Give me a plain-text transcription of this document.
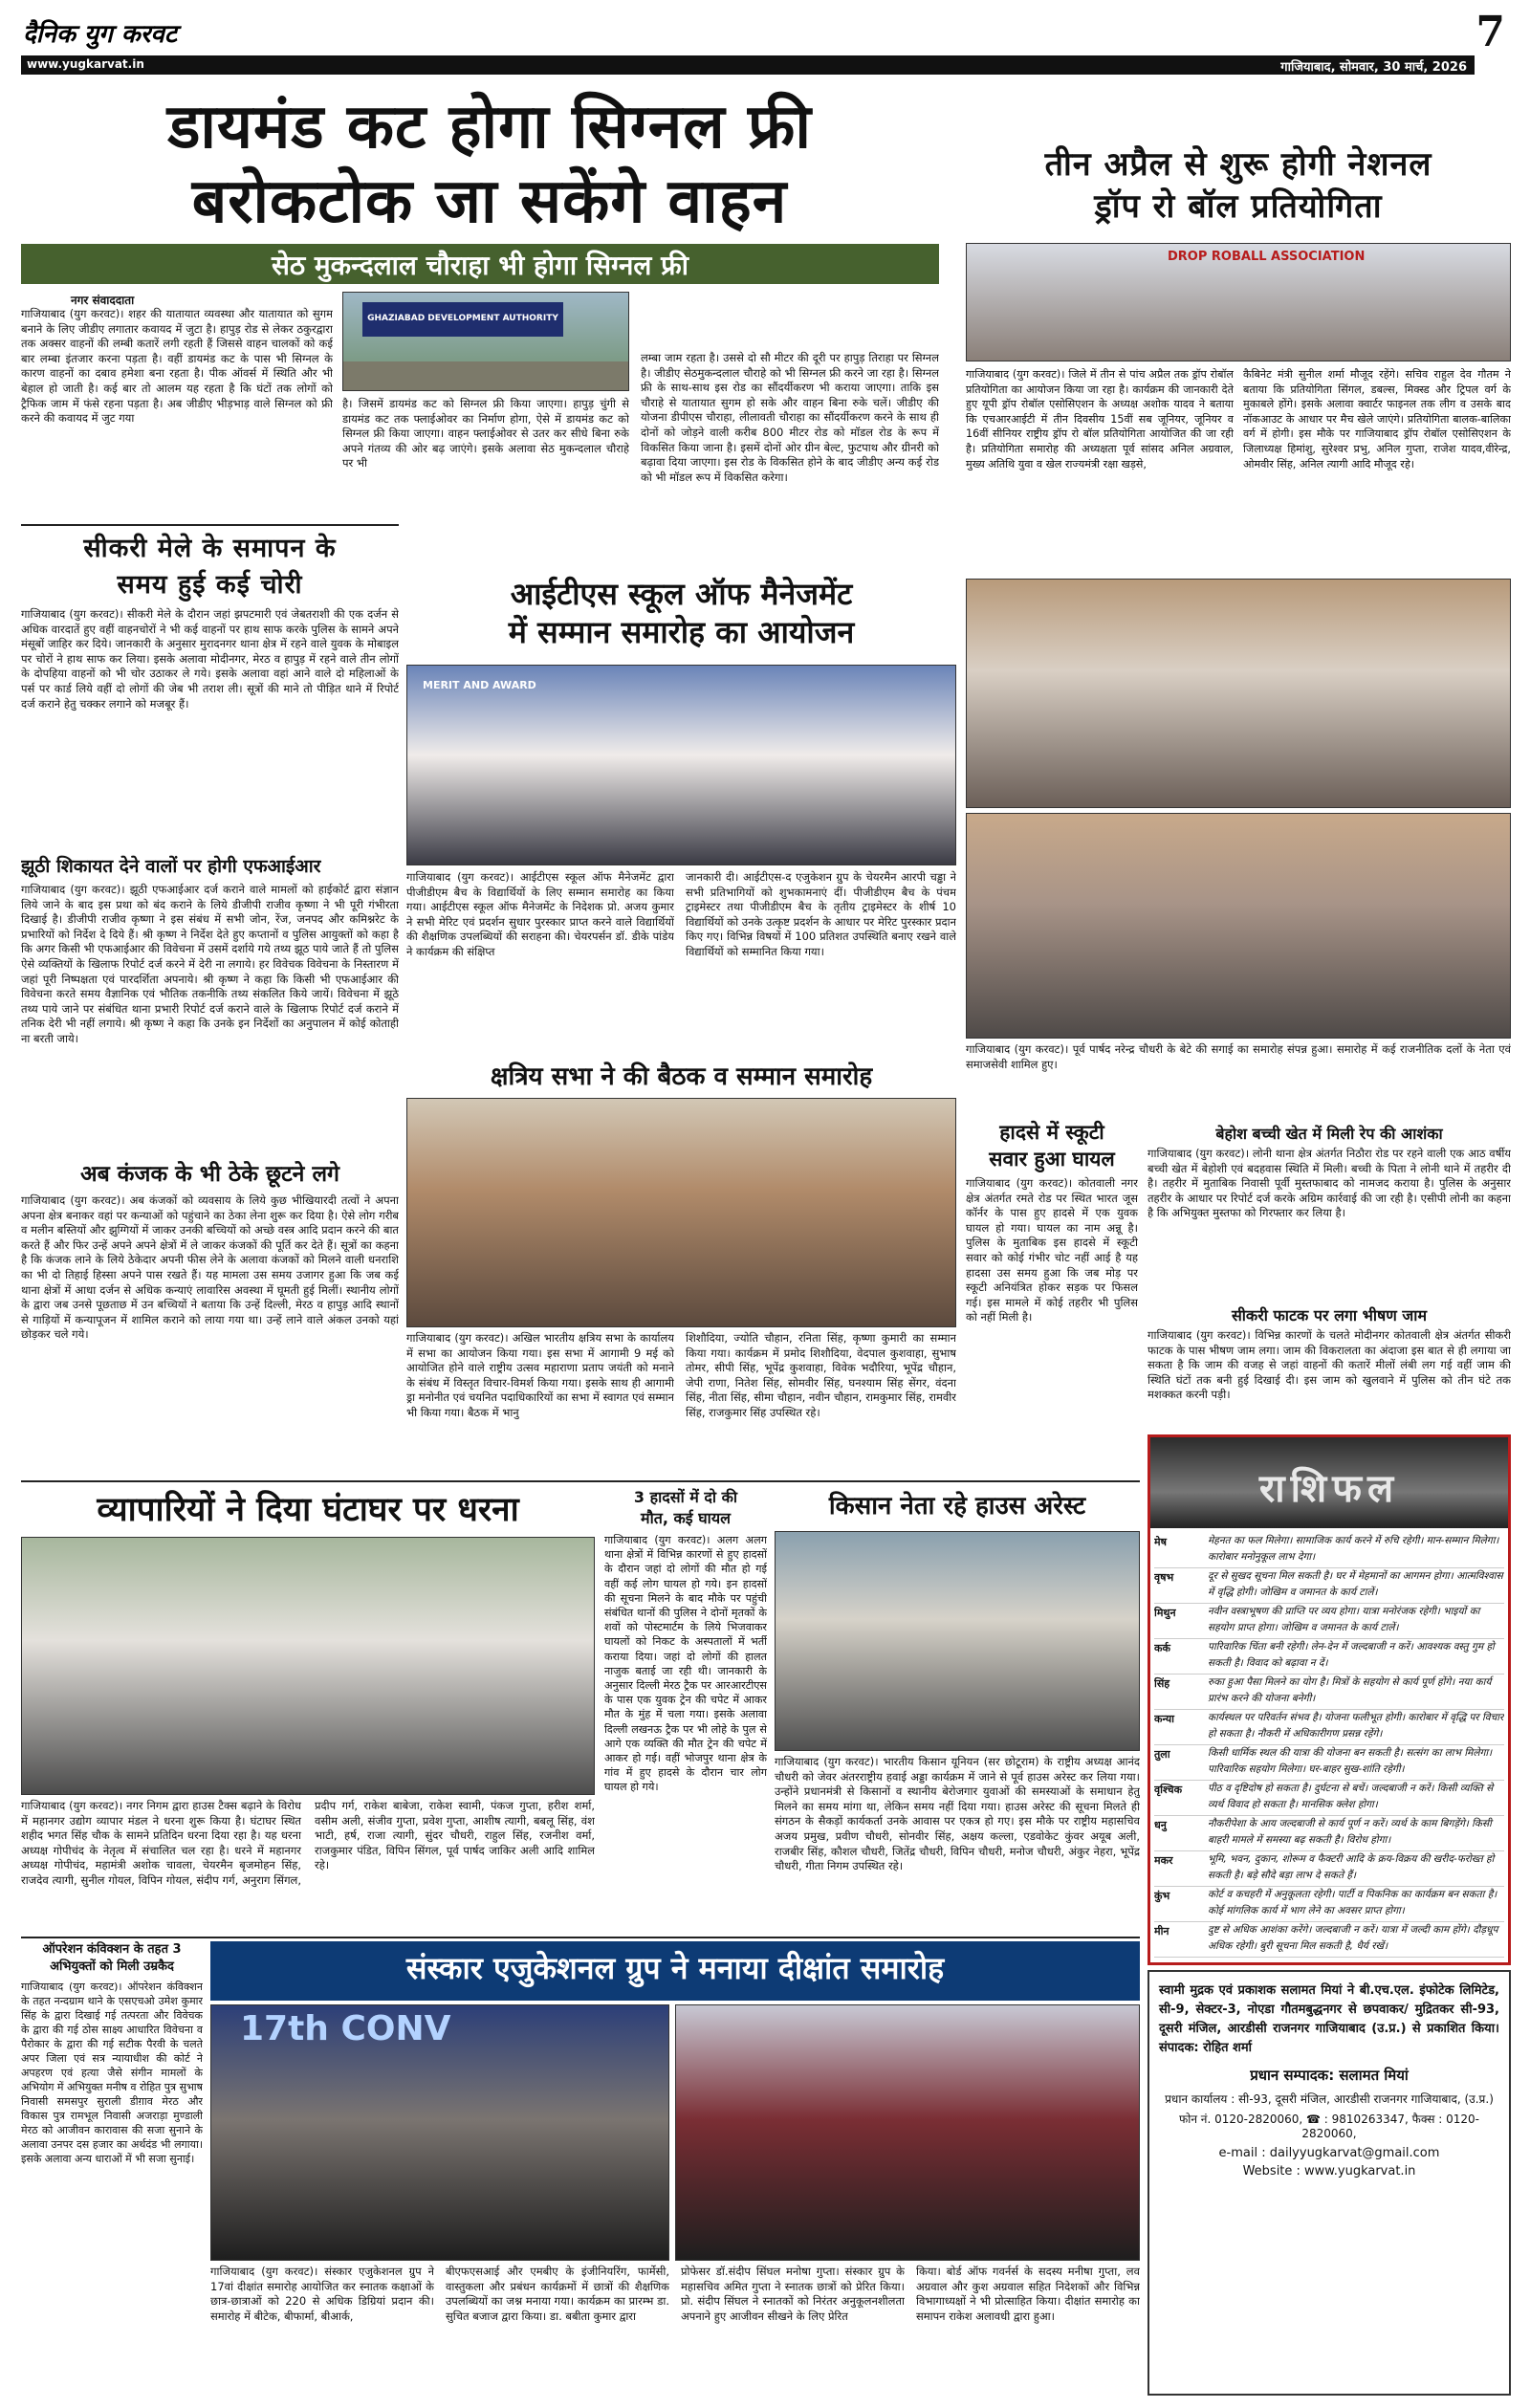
दैनिक युग करवट	7
www.yugkarvat.in	गाजियाबाद, सोमवार, 30 मार्च, 2026
डायमंड कट होगा सिग्नल फ्री
बरोकटोक जा सकेंगे वाहन
सेठ मुकन्दलाल चौराहा भी होगा सिग्नल फ्री
नगर संवाददाता
गाजियाबाद (युग करवट)। शहर की यातायात व्यवस्था और यातायात को सुगम बनाने के लिए जीडीए लगातार कवायद में जुटा है। हापुड़ रोड से लेकर ठकुरद्वारा तक अक्सर वाहनों की लम्बी कतारें लगी रहती हैं जिससे वाहन चालकों को कई बार लम्बा इंतजार करना पड़ता है। वहीं डायमंड कट के पास भी सिग्नल के कारण वाहनों का दबाव हमेशा बना रहता है। पीक ऑवर्स में स्थिति और भी बेहाल हो जाती है। कई बार तो आलम यह रहता है कि घंटों तक लोगों को ट्रैफिक जाम में फंसे रहना पड़ता है। अब जीडीए भीड़भाड़ वाले सिग्नल को फ्री करने की कवायद में जुट गया
GHAZIABAD DEVELOPMENT AUTHORITY
है। जिसमें डायमंड कट को सिग्नल फ्री किया जाएगा। हापुड़ चुंगी से डायमंड कट तक फ्लाईओवर का निर्माण होगा, ऐसे में डायमंड कट को सिग्नल फ्री किया जाएगा। वाहन फ्लाईओवर से उतर कर सीधे बिना रुके अपने गंतव्य की ओर बढ़ जाएंगे। इसके अलावा सेठ मुकन्दलाल चौराहे पर भी
लम्बा जाम रहता है। उससे दो सौ मीटर की दूरी पर हापुड़ तिराहा पर सिग्नल है। जीडीए सेठमुकन्दलाल चौराहे को भी सिग्नल फ्री करने जा रहा है। सिग्नल फ्री के साथ-साथ इस रोड का सौंदर्यीकरण भी कराया जाएगा। ताकि इस चौराहे से यातायात सुगम हो सके और वाहन बिना रुके चलें। जीडीए की योजना डीपीएस चौराहा, लीलावती चौराहा का सौंदर्यीकरण करने के साथ ही दोनों को जोड़ने वाली करीब 800 मीटर रोड को मॉडल रोड के रूप में विकसित किया जाना है। इसमें दोनों ओर ग्रीन बेल्ट, फुटपाथ और ग्रीनरी को बढ़ावा दिया जाएगा। इस रोड के विकसित होने के बाद जीडीए अन्य कई रोड को भी मॉडल रूप में विकसित करेगा।
तीन अप्रैल से शुरू होगी नेशनल
ड्रॉप रो बॉल प्रतियोगिता
DROP ROBALL ASSOCIATION
गाजियाबाद (युग करवट)। जिले में तीन से पांच अप्रैल तक ड्रॉप रोबॉल प्रतियोगिता का आयोजन किया जा रहा है। कार्यक्रम की जानकारी देते हुए यूपी ड्रॉप रोबॉल एसोसिएशन के अध्यक्ष अशोक यादव ने बताया कि एचआरआईटी में तीन दिवसीय 15वीं सब जूनियर, जूनियर व 16वीं सीनियर राष्ट्रीय ड्रॉप रो बॉल प्रतियोगिता आयोजित की जा रही है। प्रतियोगिता समारोह की अध्यक्षता पूर्व सांसद अनिल अग्रवाल, मुख्य अतिथि युवा व खेल राज्यमंत्री रक्षा खड़से,
कैबिनेट मंत्री सुनील शर्मा मौजूद रहेंगे। सचिव राहुल देव गौतम ने बताया कि प्रतियोगिता सिंगल, डबल्स, मिक्स्ड और ट्रिपल वर्ग के मुकाबले होंगे। इसके अलावा क्वार्टर फाइनल तक लीग व उसके बाद नॉकआउट के आधार पर मैच खेले जाएंगे। प्रतियोगिता बालक-बालिका वर्ग में होगी। इस मौके पर गाजियाबाद ड्रॉप रोबॉल एसोसिएशन के जिलाध्यक्ष हिमांशु, सुरेश्वर प्रभु, अनिल गुप्ता, राजेश यादव,वीरेन्द्र, ओमवीर सिंह, अनिल त्यागी आदि मौजूद रहे।
गाजियाबाद (युग करवट)। पूर्व पार्षद नरेन्द्र चौधरी के बेटे की सगाई का समारोह संपन्न हुआ। समारोह में कई राजनीतिक दलों के नेता एवं समाजसेवी शामिल हुए।
सीकरी मेले के समापन के
समय हुई कई चोरी
गाजियाबाद (युग करवट)। सीकरी मेले के दौरान जहां झपटमारी एवं जेबतराशी की एक दर्जन से अधिक वारदातें हुए वहीं वाहनचोरों ने भी कई वाहनों पर हाथ साफ करके पुलिस के सामने अपने मंसूबों जाहिर कर दिये। जानकारी के अनुसार मुरादनगर थाना क्षेत्र में रहने वाले युवक के मोबाइल पर चोरों ने हाथ साफ कर लिया। इसके अलावा मोदीनगर, मेरठ व हापुड़ में रहने वाले तीन लोगों के दोपहिया वाहनों को भी चोर उठाकर ले गये। इसके अलावा वहां आने वाले दो महिलाओं के पर्स पर कार्ड लिये वहीं दो लोगों की जेब भी तराश ली। सूत्रों की माने तो पीड़ित थाने में रिपोर्ट दर्ज कराने हेतु चक्कर लगाने को मजबूर हैं।
झूठी शिकायत देने वालों पर होगी एफआईआर
गाजियाबाद (युग करवट)। झूठी एफआईआर दर्ज कराने वाले मामलों को हाईकोर्ट द्वारा संज्ञान लिये जाने के बाद इस प्रथा को बंद कराने के लिये डीजीपी राजीव कृष्णा ने भी पूरी गंभीरता दिखाई है। डीजीपी राजीव कृष्णा ने इस संबंध में सभी जोन, रेंज, जनपद और कमिश्नरेट के प्रभारियों को निर्देश दे दिये हैं। श्री कृष्ण ने निर्देश देते हुए कप्तानों व पुलिस आयुक्तों को कहा है कि अगर किसी भी एफआईआर की विवेचना में उसमें दर्शाये गये तथ्य झूठ पाये जाते हैं तो पुलिस ऐसे व्यक्तियों के खिलाफ रिपोर्ट दर्ज करने में देरी ना लगाये। हर विवेचक विवेचना के निस्तारण में जहां पूरी निष्पक्षता एवं पारदर्शिता अपनाये। श्री कृष्ण ने कहा कि किसी भी एफआईआर की विवेचना करते समय वैज्ञानिक एवं भौतिक तकनीकि तथ्य संकलित किये जायें। विवेचना में झूठे तथ्य पाये जाने पर संबंधित थाना प्रभारी रिपोर्ट दर्ज कराने वाले के खिलाफ रिपोर्ट दर्ज कराने में तनिक देरी भी नहीं लगाये। श्री कृष्ण ने कहा कि उनके इन निर्देशों का अनुपालन में कोई कोताही ना बरती जाये।
अब कंजक के भी ठेके छूटने लगे
गाजियाबाद (युग करवट)। अब कंजकों को व्यवसाय के लिये कुछ भीखियारदी तत्वों ने अपना अपना क्षेत्र बनाकर वहां पर कन्याओं को पहुंचाने का ठेका लेना शुरू कर दिया है। ऐसे लोग गरीब व मलीन बस्तियों और झुग्गियों में जाकर उनकी बच्चियों को अच्छे वस्त्र आदि प्रदान करने की बात करते हैं और फिर उन्हें अपने अपने क्षेत्रों में ले जाकर कंजकों की पूर्ति कर देते हैं। सूत्रों का कहना है कि कंजक लाने के लिये ठेकेदार अपनी फीस लेने के अलावा कंजकों को मिलने वाली धनराशि का भी दो तिहाई हिस्सा अपने पास रखते हैं। यह मामला उस समय उजागर हुआ कि जब कई थाना क्षेत्रों में आधा दर्जन से अधिक कन्याएं लावारिस अवस्था में घूमती हुई मिलीं। स्थानीय लोगों के द्वारा जब उनसे पूछताछ में उन बच्चियों ने बताया कि उन्हें दिल्ली, मेरठ व हापुड़ आदि स्थानों से गाड़ियों में कन्यापूजन में शामिल कराने को लाया गया था। उन्हें लाने वाले अंकल उनको यहां छोड़कर चले गये।
आईटीएस स्कूल ऑफ मैनेजमेंट
में सम्मान समारोह का आयोजन
MERIT AND AWARD
गाजियाबाद (युग करवट)। आईटीएस स्कूल ऑफ मैनेजमेंट द्वारा पीजीडीएम बैच के विद्यार्थियों के लिए सम्मान समारोह का किया गया। आईटीएस स्कूल ऑफ मैनेजमेंट के निदेशक प्रो. अजय कुमार ने सभी मेरिट एवं प्रदर्शन सुधार पुरस्कार प्राप्त करने वाले विद्यार्थियों की शैक्षणिक उपलब्धियों की सराहना की। चेयरपर्सन डॉ. डीके पांडेय ने कार्यक्रम की संक्षिप्त
जानकारी दी। आईटीएस-द एजुकेशन ग्रुप के चेयरमैन आरपी चड्ढा ने सभी प्रतिभागियों को शुभकामनाएं दीं। पीजीडीएम बैच के पंचम ट्राइमेस्टर तथा पीजीडीएम बैच के तृतीय ट्राइमेस्टर के शीर्ष 10 विद्यार्थियों को उनके उत्कृष्ट प्रदर्शन के आधार पर मेरिट पुरस्कार प्रदान किए गए। विभिन्न विषयों में 100 प्रतिशत उपस्थिति बनाए रखने वाले विद्यार्थियों को सम्मानित किया गया।
क्षत्रिय सभा ने की बैठक व सम्मान समारोह
गाजियाबाद (युग करवट)। अखिल भारतीय क्षत्रिय सभा के कार्यालय में सभा का आयोजन किया गया। इस सभा में आगामी 9 मई को आयोजित होने वाले राष्ट्रीय उत्सव महाराणा प्रताप जयंती को मनाने के संबंध में विस्तृत विचार-विमर्श किया गया। इसके साथ ही आगामी ड्रा मनोनीत एवं चयनित पदाधिकारियों का सभा में स्वागत एवं सम्मान भी किया गया। बैठक में भानु
शिशौदिया, ज्योति चौहान, रनिता सिंह, कृष्णा कुमारी का सम्मान किया गया। कार्यक्रम में प्रमोद शिशौदिया, वेदपाल कुशवाहा, सुभाष तोमर, सीपी सिंह, भूपेंद्र कुशवाहा, विवेक भदौरिया, भूपेंद्र चौहान, जेपी राणा, नितेश सिंह, सोमवीर सिंह, घनश्याम सिंह सेंगर, वंदना सिंह, नीता सिंह, सीमा चौहान, नवीन चौहान, रामकुमार सिंह, रामवीर सिंह, राजकुमार सिंह उपस्थित रहे।
हादसे में स्कूटी
सवार हुआ घायल
गाजियाबाद (युग करवट)। कोतवाली नगर क्षेत्र अंतर्गत रमते रोड पर स्थित भारत जूस कॉर्नर के पास हुए हादसे में एक युवक घायल हो गया। घायल का नाम अन्नू है। पुलिस के मुताबिक इस हादसे में स्कूटी सवार को कोई गंभीर चोट नहीं आई है यह हादसा उस समय हुआ कि जब मोड़ पर स्कूटी अनियंत्रित होकर सड़क पर फिसल गई। इस मामले में कोई तहरीर भी पुलिस को नहीं मिली है।
बेहोश बच्ची खेत में मिली रेप की आशंका
गाजियाबाद (युग करवट)। लोनी थाना क्षेत्र अंतर्गत निठौरा रोड पर रहने वाली एक आठ वर्षीय बच्ची खेत में बेहोशी एवं बदहवास स्थिति में मिली। बच्ची के पिता ने लोनी थाने में तहरीर दी है। तहरीर में मुताबिक निवासी पूर्वी मुस्तफाबाद को नामजद कराया है। पुलिस के अनुसार तहरीर के आधार पर रिपोर्ट दर्ज करके अग्रिम कार्रवाई की जा रही है। एसीपी लोनी का कहना है कि अभियुक्त मुस्तफा को गिरफ्तार कर लिया है।
सीकरी फाटक पर लगा भीषण जाम
गाजियाबाद (युग करवट)। विभिन्न कारणों के चलते मोदीनगर कोतवाली क्षेत्र अंतर्गत सीकरी फाटक के पास भीषण जाम लगा। जाम की विकरालता का अंदाजा इस बात से ही लगाया जा सकता है कि जाम की वजह से जहां वाहनों की कतारें मीलों लंबी लग गई वहीं जाम की स्थिति घंटों तक बनी हुई दिखाई दी। इस जाम को खुलवाने में पुलिस को तीन घंटे तक मशक्कत करनी पड़ी।
राशिफल
मेष	मेहनत का फल मिलेगा। सामाजिक कार्य करने में रुचि रहेगी। मान-सम्मान मिलेगा। कारोबार मनोनुकूल लाभ देगा।
वृषभ	दूर से सुखद सूचना मिल सकती है। घर में मेहमानों का आगमन होगा। आत्मविश्वास में वृद्धि होगी। जोखिम व जमानत के कार्य टालें।
मिथुन	नवीन वस्त्राभूषण की प्राप्ति पर व्यय होगा। यात्रा मनोरंजक रहेगी। भाइयों का सहयोग प्राप्त होगा। जोखिम व जमानत के कार्य टालें।
कर्क	पारिवारिक चिंता बनी रहेगी। लेन-देन में जल्दबाजी न करें। आवश्यक वस्तु गुम हो सकती है। विवाद को बढ़ावा न दें।
सिंह	रुका हुआ पैसा मिलने का योग है। मित्रों के सहयोग से कार्य पूर्ण होंगे। नया कार्य प्रारंभ करने की योजना बनेगी।
कन्या	कार्यस्थल पर परिवर्तन संभव है। योजना फलीभूत होगी। कारोबार में वृद्धि पर विचार हो सकता है। नौकरी में अधिकारीगण प्रसन्न रहेंगे।
तुला	किसी धार्मिक स्थल की यात्रा की योजना बन सकती है। सत्संग का लाभ मिलेगा। पारिवारिक सहयोग मिलेगा। घर-बाहर सुख-शांति रहेगी।
वृश्चिक	पीठ व दृष्टिदोष हो सकता है। दुर्घटना से बचें। जल्दबाजी न करें। किसी व्यक्ति से व्यर्थ विवाद हो सकता है। मानसिक क्लेश होगा।
धनु	नौकरीपेशा के आय जल्दबाजी से कार्य पूर्ण न करें। व्यर्थ के काम बिगड़ेंगे। किसी बाहरी मामले में समस्या बढ़ सकती है। विरोध होगा।
मकर	भूमि, भवन, दुकान, शोरूम व फैक्टरी आदि के क्रय-विक्रय की खरीद-फरोख्त हो सकती है। बड़े सौदे बड़ा लाभ दे सकते हैं।
कुंभ	कोर्ट व कचहरी में अनुकूलता रहेगी। पार्टी व पिकनिक का कार्यक्रम बन सकता है। कोई मांगलिक कार्य में भाग लेने का अवसर प्राप्त होगा।
मीन	दुष्ट से अधिक आशंका करेंगे। जल्दबाजी न करें। यात्रा में जल्दी काम होंगे। दौड़धूप अधिक रहेगी। बुरी सूचना मिल सकती है, धैर्य रखें।
व्यापारियों ने दिया घंटाघर पर धरना
गाजियाबाद (युग करवट)। नगर निगम द्वारा हाउस टैक्स बढ़ाने के विरोध में महानगर उद्योग व्यापार मंडल ने धरना शुरू किया है। घंटाघर स्थित शहीद भगत सिंह चौक के सामने प्रतिदिन धरना दिया रहा है। यह धरना अध्यक्ष गोपीचंद के नेतृत्व में संचालित चल रहा है। धरने में महानगर अध्यक्ष गोपीचंद, महामंत्री अशोक चावला, चेयरमैन बृजमोहन सिंह, राजदेव त्यागी, सुनील गोयल, विपिन गोयल, संदीप गर्ग, अनुराग सिंगल, प्रदीप गर्ग, राकेश बाबेजा, राकेश स्वामी, पंकज गुप्ता, हरीश शर्मा, वसीम अली, संजीव गुप्ता, प्रवेश गुप्ता, आशीष त्यागी, बबलू सिंह, वंश भाटी, हर्ष, राजा त्यागी, सुंदर चौधरी, राहुल सिंह, रजनीश वर्मा, राजकुमार पंडित, विपिन सिंगल, पूर्व पार्षद जाकिर अली आदि शामिल रहे।
3 हादसों में दो की
मौत, कई घायल
गाजियाबाद (युग करवट)। अलग अलग थाना क्षेत्रों में विभिन्न कारणों से हुए हादसों के दौरान जहां दो लोगों की मौत हो गई वहीं कई लोग घायल हो गये। इन हादसों की सूचना मिलने के बाद मौके पर पहुंची संबंधित थानों की पुलिस ने दोनों मृतकों के शवों को पोस्टमार्टम के लिये भिजवाकर घायलों को निकट के अस्पतालों में भर्ती कराया दिया। जहां दो लोगों की हालत नाजुक बताई जा रही थी। जानकारी के अनुसार दिल्ली मेरठ ट्रैक पर आरआरटीएस के पास एक युवक ट्रेन की चपेट में आकर मौत के मुंह में चला गया। इसके अलावा दिल्ली लखनऊ ट्रैक पर भी लोहे के पुल से आगे एक व्यक्ति की मौत ट्रेन की चपेट में आकर हो गई। वहीं भोजपुर थाना क्षेत्र के गांव में हुए हादसे के दौरान चार लोग घायल हो गये।
किसान नेता रहे हाउस अरेस्ट
गाजियाबाद (युग करवट)। भारतीय किसान यूनियन (सर छोटूराम) के राष्ट्रीय अध्यक्ष आनंद चौधरी को जेवर अंतरराष्ट्रीय हवाई अड्डा कार्यक्रम में जाने से पूर्व हाउस अरेस्ट कर लिया गया। उन्होंने प्रधानमंत्री से किसानों व स्थानीय बेरोजगार युवाओं की समस्याओं के समाधान हेतु मिलने का समय मांगा था, लेकिन समय नहीं दिया गया। हाउस अरेस्ट की सूचना मिलते ही संगठन के सैकड़ों कार्यकर्ता उनके आवास पर एकत्र हो गए। इस मौके पर राष्ट्रीय महासचिव अजय प्रमुख, प्रवीण चौधरी, सोनवीर सिंह, अक्षय कल्ला, एडवोकेट कुंवर अयूब अली, राजबीर सिंह, कौशल चौधरी, जितेंद्र चौधरी, विपिन चौधरी, मनोज चौधरी, अंकुर नेहरा, भूपेंद्र चौधरी, गीता निगम उपस्थित रहे।
ऑपरेशन कंविक्शन के तहत 3
अभियुक्तों को मिली उम्रकैद
गाजियाबाद (युग करवट)। ऑपरेशन कंविक्शन के तहत नन्दग्राम थाने के एसएचओ उमेश कुमार सिंह के द्वारा दिखाई गई तत्परता और विवेचक के द्वारा की गई ठोस साक्ष्य आधारित विवेचना व पैरोकार के द्वारा की गई सटीक पैरवी के चलते अपर जिला एवं सत्र न्यायाधीश की कोर्ट ने अपहरण एवं हत्या जैसे संगीन मामलों के अभियोग में अभियुक्त मनीष व रोहित पुत्र सुभाष निवासी समसपुर सुराली डीग़ाव मेरठ और विकास पुत्र रामभूल निवासी अजराड़ा मुण्डाली मेरठ को आजीवन कारावास की सजा सुनाने के अलावा उनपर दस हजार का अर्थदंड भी लगाया। इसके अलावा अन्य धाराओं में भी सजा सुनाई।
संस्कार एजुकेशनल ग्रुप ने मनाया दीक्षांत समारोह
17th CONV
गाजियाबाद (युग करवट)। संस्कार एजुकेशनल ग्रुप ने 17वां दीक्षांत समारोह आयोजित कर स्नातक कक्षाओं के छात्र-छात्राओं को 220 से अधिक डिग्रियां प्रदान की। समारोह में बीटेक, बीफार्मा, बीआर्क,
बीएफएसआई और एमबीए के इंजीनियरिंग, फार्मेसी, वास्तुकला और प्रबंधन कार्यक्रमों में छात्रों की शैक्षणिक उपलब्धियों का जश्न मनाया गया। कार्यक्रम का प्रारम्भ डा. सुचित बजाज द्वारा किया। डा. बबीता कुमार द्वारा
प्रोफेसर डॉ.संदीप सिंघल मनोषा गुप्ता। संस्कार ग्रुप के महासचिव अमित गुप्ता ने स्नातक छात्रों को प्रेरित किया। प्रो. संदीप सिंघल ने स्नातकों को निरंतर अनुकूलनशीलता अपनाने हुए आजीवन सीखने के लिए प्रेरित
किया। बोर्ड ऑफ गवर्नर्स के सदस्य मनीषा गुप्ता, लव अग्रवाल और कुश अग्रवाल सहित निदेशकों और विभिन्न विभागाध्यक्षों ने भी प्रोत्साहित किया। दीक्षांत समारोह का समापन राकेश अलावधी द्वारा हुआ।
स्वामी मुद्रक एवं प्रकाशक सलामत मियां ने बी.एच.एल. इंफोटेक लिमिटेड, सी-9, सेक्टर-3, नोएडा गौतमबुद्धनगर से छपवाकर/ मुद्रितकर सी-93, दूसरी मंजिल, आरडीसी राजनगर गाजियाबाद (उ.प्र.) से प्रकाशित किया। संपादक: रोहित शर्मा
प्रधान सम्पादक: सलामत मियां
प्रधान कार्यालय : सी-93, दूसरी मंजिल, आरडीसी राजनगर गाजियाबाद, (उ.प्र.)
फोन नं. 0120-2820060, ☎ : 9810263347, फैक्स : 0120-2820060,
e-mail : dailyyugkarvat@gmail.com
Website : www.yugkarvat.in
